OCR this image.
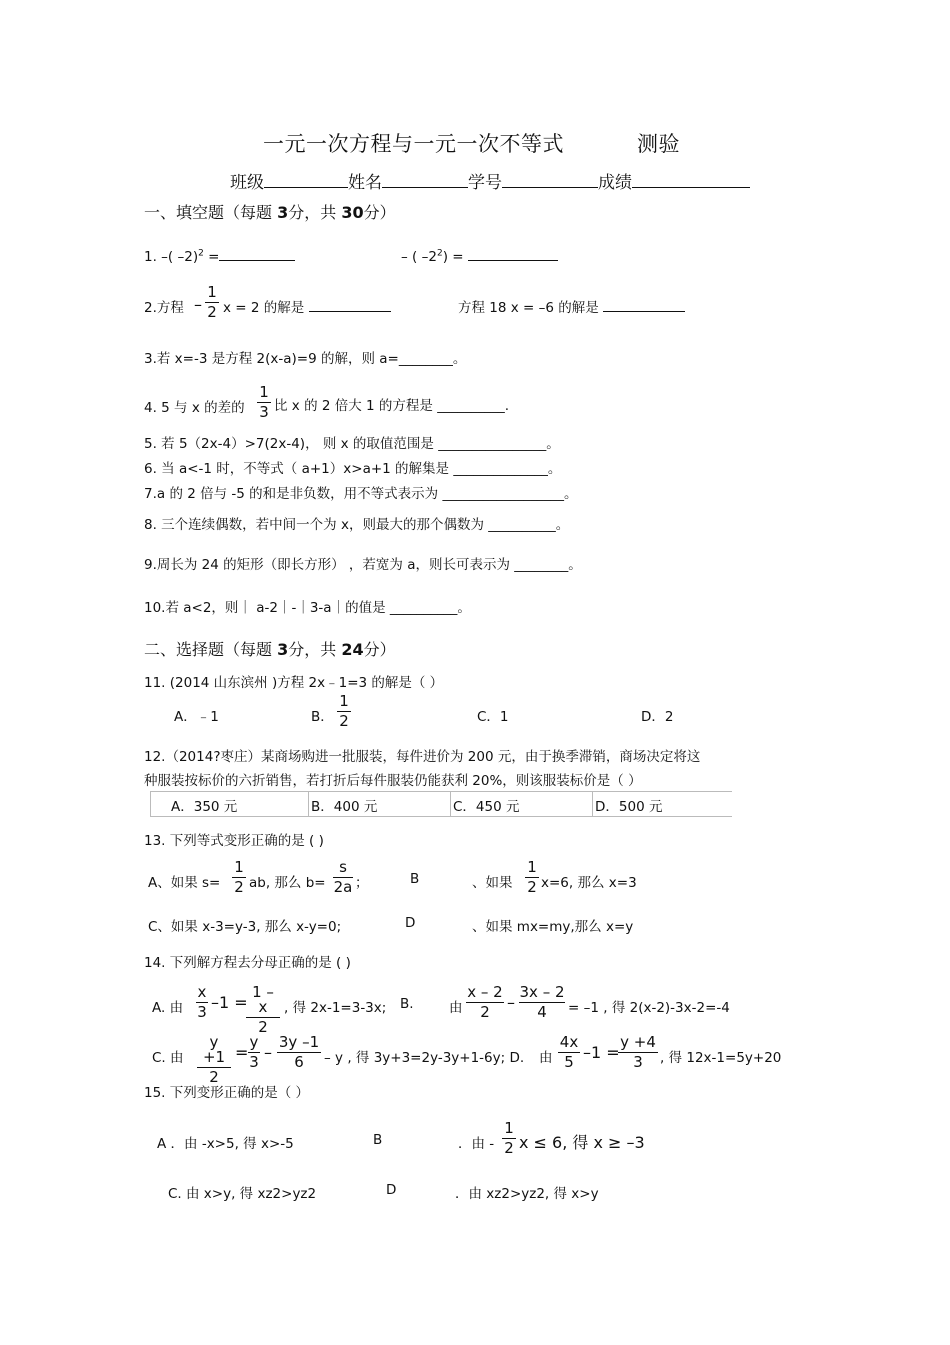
一元一次方程与一元一次不等式	测验
班级	姓名	学号	成绩
一、填空题（每题 3分，共 30分）
1. –( –2)$^2$ =	– ( $-2^2$) =
2.方程 –
1
2 x = 2 的解是	方程 18 x = –6 的解是
3.若 x=-3 是方程 2(x-a)=9 的解，则 a=________。
4. 5 与 x 的差的
1
3 比 x 的 2 倍大 1 的方程是 __________.
5. 若 5（2x-4）>7(2x-4)， 则 x 的取值范围是 ________________。
6. 当 a<-1 时，不等式（ a+1）x>a+1 的解集是 ______________。
7.a 的 2 倍与 -5 的和是非负数，用不等式表示为 __________________。
8. 三个连续偶数，若中间一个为 x，则最大的那个偶数为 __________。
9.周长为 24 的矩形（即长方形） ，若宽为 a，则长可表示为 ________。
10.若 a<2，则｜ a-2｜-｜3-a｜的值是 __________。
二、选择题（每题 3分，共 24分）
11. (2014 山东滨州 )方程 2x﹣1=3 的解是（ ）
A．﹣1	B．
1
2	C．1	D．2
12.（2014?枣庄）某商场购进一批服装，每件进价为 200 元，由于换季滞销，商场决定将这
种服装按标价的六折销售，若打折后每件服装仍能获利 20%，则该服装标价是（ ）
A．350 元	B．400 元	C．450 元	D．500 元
13. 下列等式变形正确的是 ( )
A、如果 s=
1
2 ab, 那么 b=
s
2a ；	B	、如果
1
2 x=6, 那么 x=3
C、如果 x-3=y-3, 那么 x-y=0;	D	、如果 mx=my,那么 x=y
14. 下列解方程去分母正确的是 ( )
A. 由
x
3 –1 =
1 – x
2
, 得 2x-1=3-3x; B.	由
x – 2
2	–
3x – 2
4	= –1 , 得 2(x-2)-3x-2=-4
C. 由
y +1
2
=
y
3 –
3y –1
6	– y , 得 3y+3=2y-3y+1-6y; D. 由
4x
5 –1 =
y +4
3	, 得 12x-1=5y+20
15. 下列变形正确的是（ ）
A ．由 -x>5, 得 x>-5	B	．由 -
1
2 x ≤ 6, 得 x ≥ –3
C. 由 x>y, 得 xz2>yz2	D	．由 xz2>yz2, 得 x>y
